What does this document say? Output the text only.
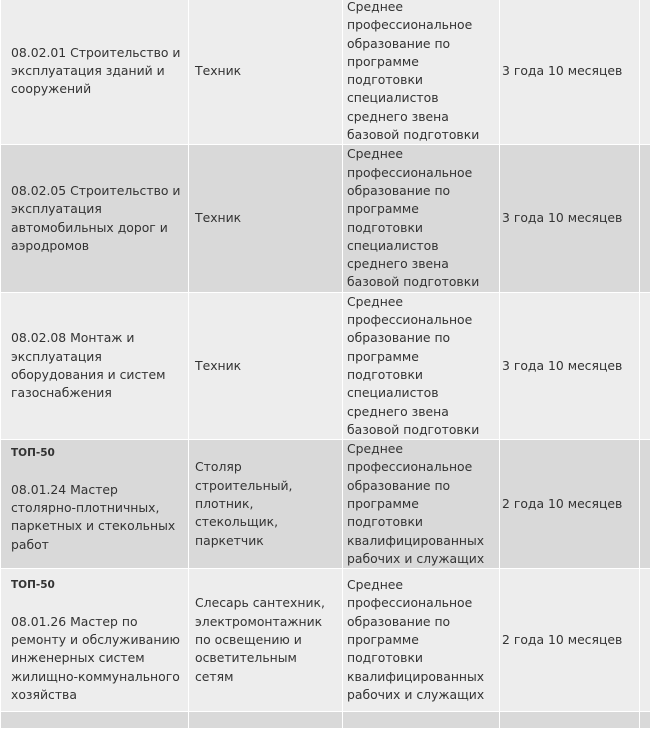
08.02.01 Строительство и эксплуатация зданий и сооружений	Техник	Среднее профессиональное образование по программе подготовки специалистов среднего звена базовой подготовки	3 года 10 месяцев	
08.02.05 Строительство и эксплуатация автомобильных дорог и аэродромов	Техник	Среднее профессиональное образование по программе подготовки специалистов среднего звена базовой подготовки	3 года 10 месяцев	
08.02.08 Монтаж и эксплуатация оборудования и систем газоснабжения	Техник	Среднее профессиональное образование по программе подготовки специалистов среднего звена базовой подготовки	3 года 10 месяцев	

ТОП-50
08.01.24 Мастер столярно-плотничных, паркетных и стекольных работ	Столяр строительный, плотник, стекольщик, паркетчик	Среднее профессиональное образование по программе подготовки квалифицированных рабочих и служащих	2 года 10 месяцев	

ТОП-50
08.01.26 Мастер по ремонту и обслуживанию инженерных систем жилищно-коммунального хозяйства	Слесарь сантехник, электромонтажник по освещению и осветительным сетям	Среднее профессиональное образование по программе подготовки квалифицированных рабочих и служащих	2 года 10 месяцев	
